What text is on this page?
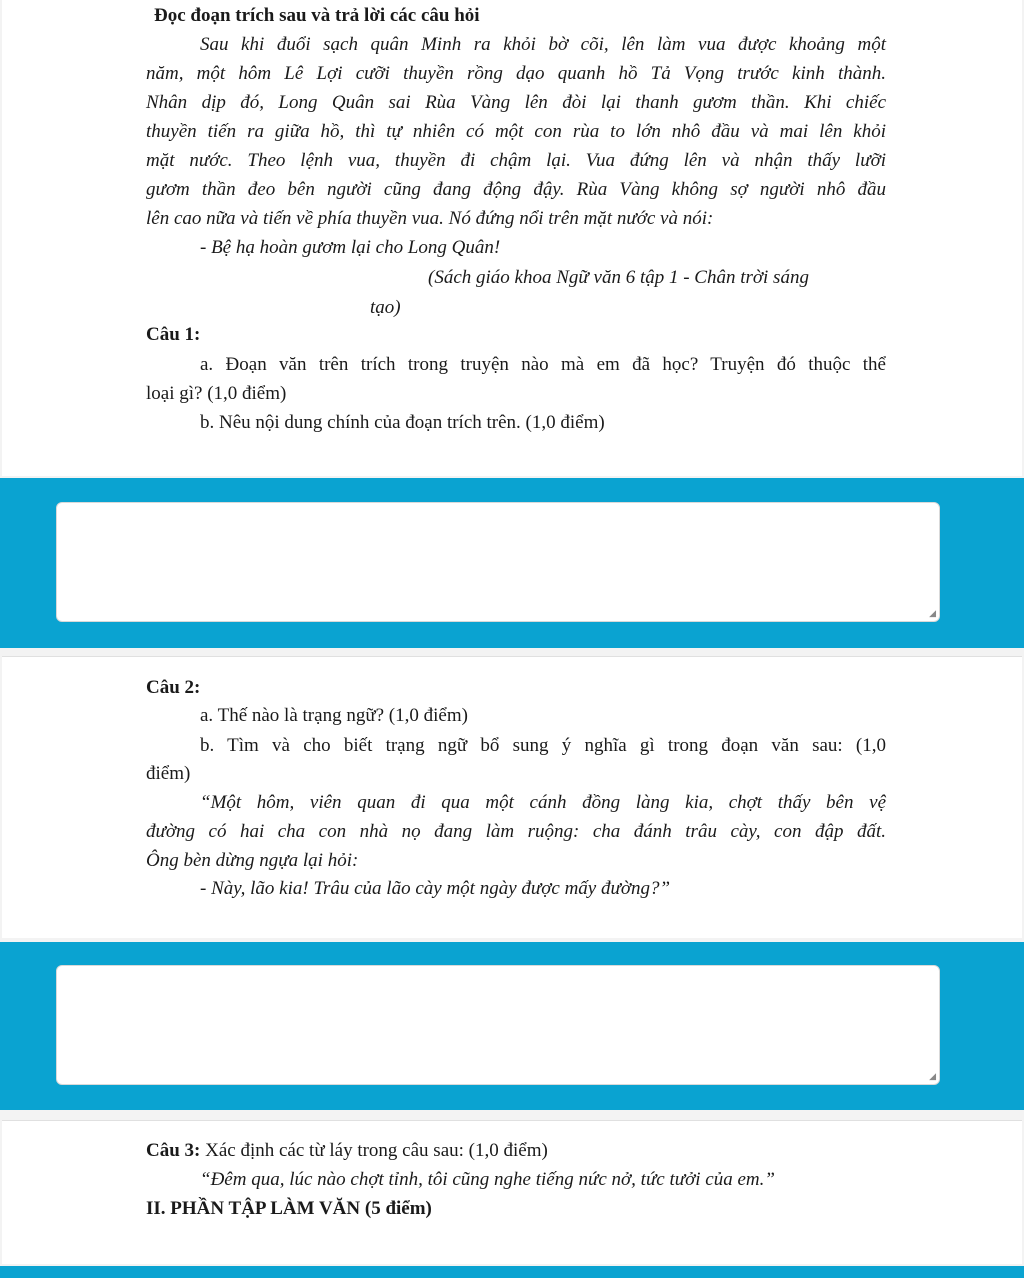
Đọc đoạn trích sau và trả lời các câu hỏi
Sau khi đuổi sạch quân Minh ra khỏi bờ cõi, lên làm vua được khoảng một
năm, một hôm Lê Lợi cưỡi thuyền rồng dạo quanh hồ Tả Vọng trước kinh thành.
Nhân dịp đó, Long Quân sai Rùa Vàng lên đòi lại thanh gươm thần. Khi chiếc
thuyền tiến ra giữa hồ, thì tự nhiên có một con rùa to lớn nhô đầu và mai lên khỏi
mặt nước. Theo lệnh vua, thuyền đi chậm lại. Vua đứng lên và nhận thấy lưỡi
gươm thần đeo bên người cũng đang động đậy. Rùa Vàng không sợ người nhô đầu
lên cao nữa và tiến về phía thuyền vua. Nó đứng nổi trên mặt nước và nói:
- Bệ hạ hoàn gươm lại cho Long Quân!
(Sách giáo khoa Ngữ văn 6 tập 1 - Chân trời sáng
tạo)
Câu 1:
a. Đoạn văn trên trích trong truyện nào mà em đã học? Truyện đó thuộc thể
loại gì? (1,0 điểm)
b. Nêu nội dung chính của đoạn trích trên. (1,0 điểm)
◢
Câu 2:
a. Thế nào là trạng ngữ? (1,0 điểm)
b. Tìm và cho biết trạng ngữ bổ sung ý nghĩa gì trong đoạn văn sau: (1,0
điểm)
“Một hôm, viên quan đi qua một cánh đồng làng kia, chợt thấy bên vệ
đường có hai cha con nhà nọ đang làm ruộng: cha đánh trâu cày, con đập đất.
Ông bèn dừng ngựa lại hỏi:
- Này, lão kia! Trâu của lão cày một ngày được mấy đường?”
◢
Câu 3: Xác định các từ láy trong câu sau: (1,0 điểm)
“Đêm qua, lúc nào chợt tỉnh, tôi cũng nghe tiếng nức nở, tức tưởi của em.”
II. PHẦN TẬP LÀM VĂN (5 điểm)
